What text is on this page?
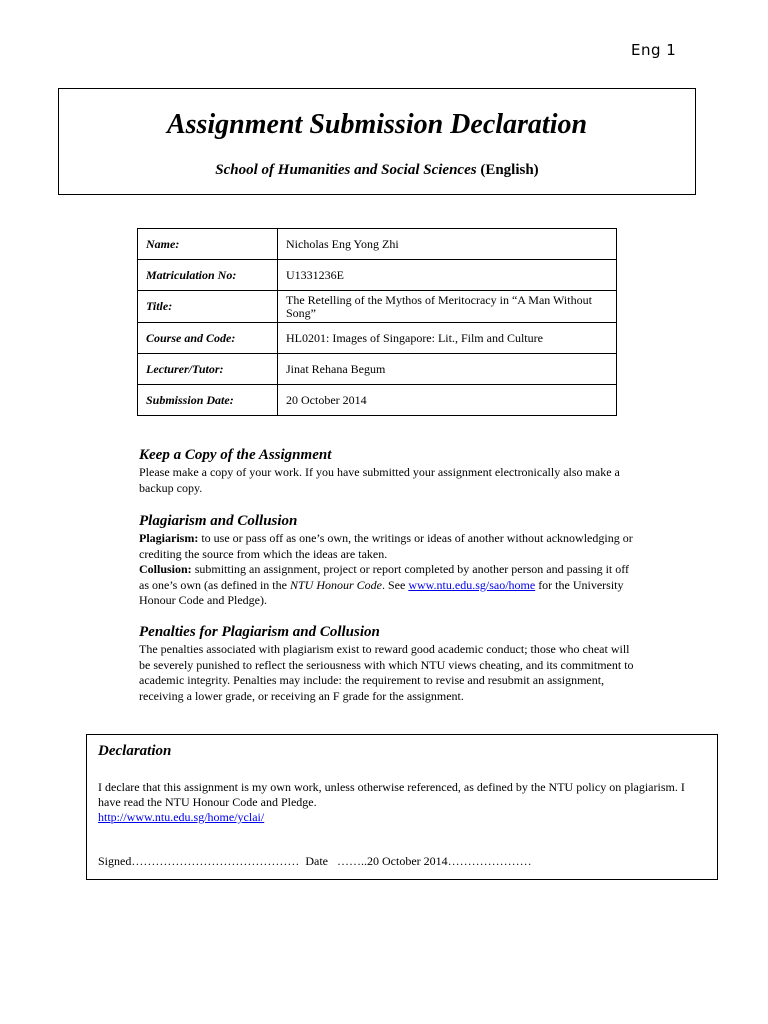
Eng 1
Assignment Submission Declaration
School of Humanities and Social Sciences (English)
Name:	Nicholas Eng Yong Zhi
Matriculation No:	U1331236E
Title:	The Retelling of the Mythos of Meritocracy in “A Man Without Song”
Course and Code:	HL0201: Images of Singapore: Lit., Film and Culture
Lecturer/Tutor:	Jinat Rehana Begum
Submission Date:	20 October 2014
Keep a Copy of the Assignment

Please make a copy of your work. If you have submitted your assignment electronically also make a backup copy.

Plagiarism and Collusion

Plagiarism: to use or pass off as one’s own, the writings or ideas of another without acknowledging or crediting the source from which the ideas are taken.

Collusion: submitting an assignment, project or report completed by another person and passing it off as one’s own (as defined in the NTU Honour Code. See www.ntu.edu.sg/sao/home for the University Honour Code and Pledge).

Penalties for Plagiarism and Collusion

The penalties associated with plagiarism exist to reward good academic conduct; those who cheat will be severely punished to reflect the seriousness with which NTU views cheating, and its commitment to academic integrity. Penalties may include: the requirement to revise and resubmit an assignment, receiving a lower grade, or receiving an F grade for the assignment.

Declaration
I declare that this assignment is my own work, unless otherwise referenced, as defined by the NTU policy on plagiarism. I have read the NTU Honour Code and Pledge.
http://www.ntu.edu.sg/home/yclai/
Signed……………………………………  Date   ……..20 October 2014…………………
